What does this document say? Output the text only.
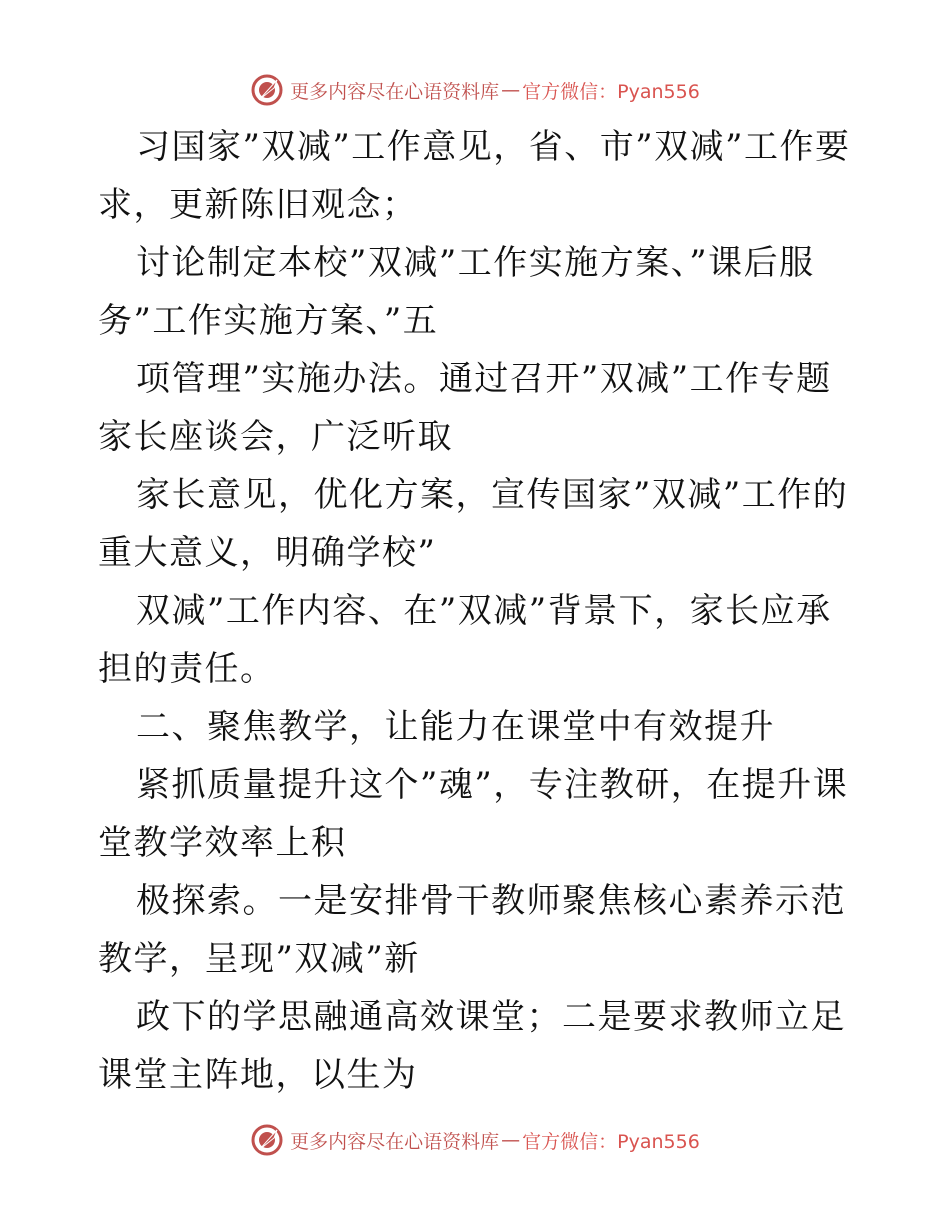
更多内容尽在心语资料库 — 官方微信：Pyan556

习国家”双减”工作意见，省、市”双减”工作要求，更新陈旧观念；

讨论制定本校”双减”工作实施方案、”课后服务”工作实施方案、”五

项管理”实施办法。通过召开”双减”工作专题家长座谈会，广泛听取

家长意见，优化方案，宣传国家”双减”工作的重大意义，明确学校”

双减”工作内容、在”双减”背景下，家长应承担的责任。

二、聚焦教学，让能力在课堂中有效提升

紧抓质量提升这个”魂”，专注教研，在提升课堂教学效率上积

极探索。一是安排骨干教师聚焦核心素养示范教学，呈现”双减”新

政下的学思融通高效课堂；二是要求教师立足课堂主阵地，以生为

更多内容尽在心语资料库 — 官方微信：Pyan556
